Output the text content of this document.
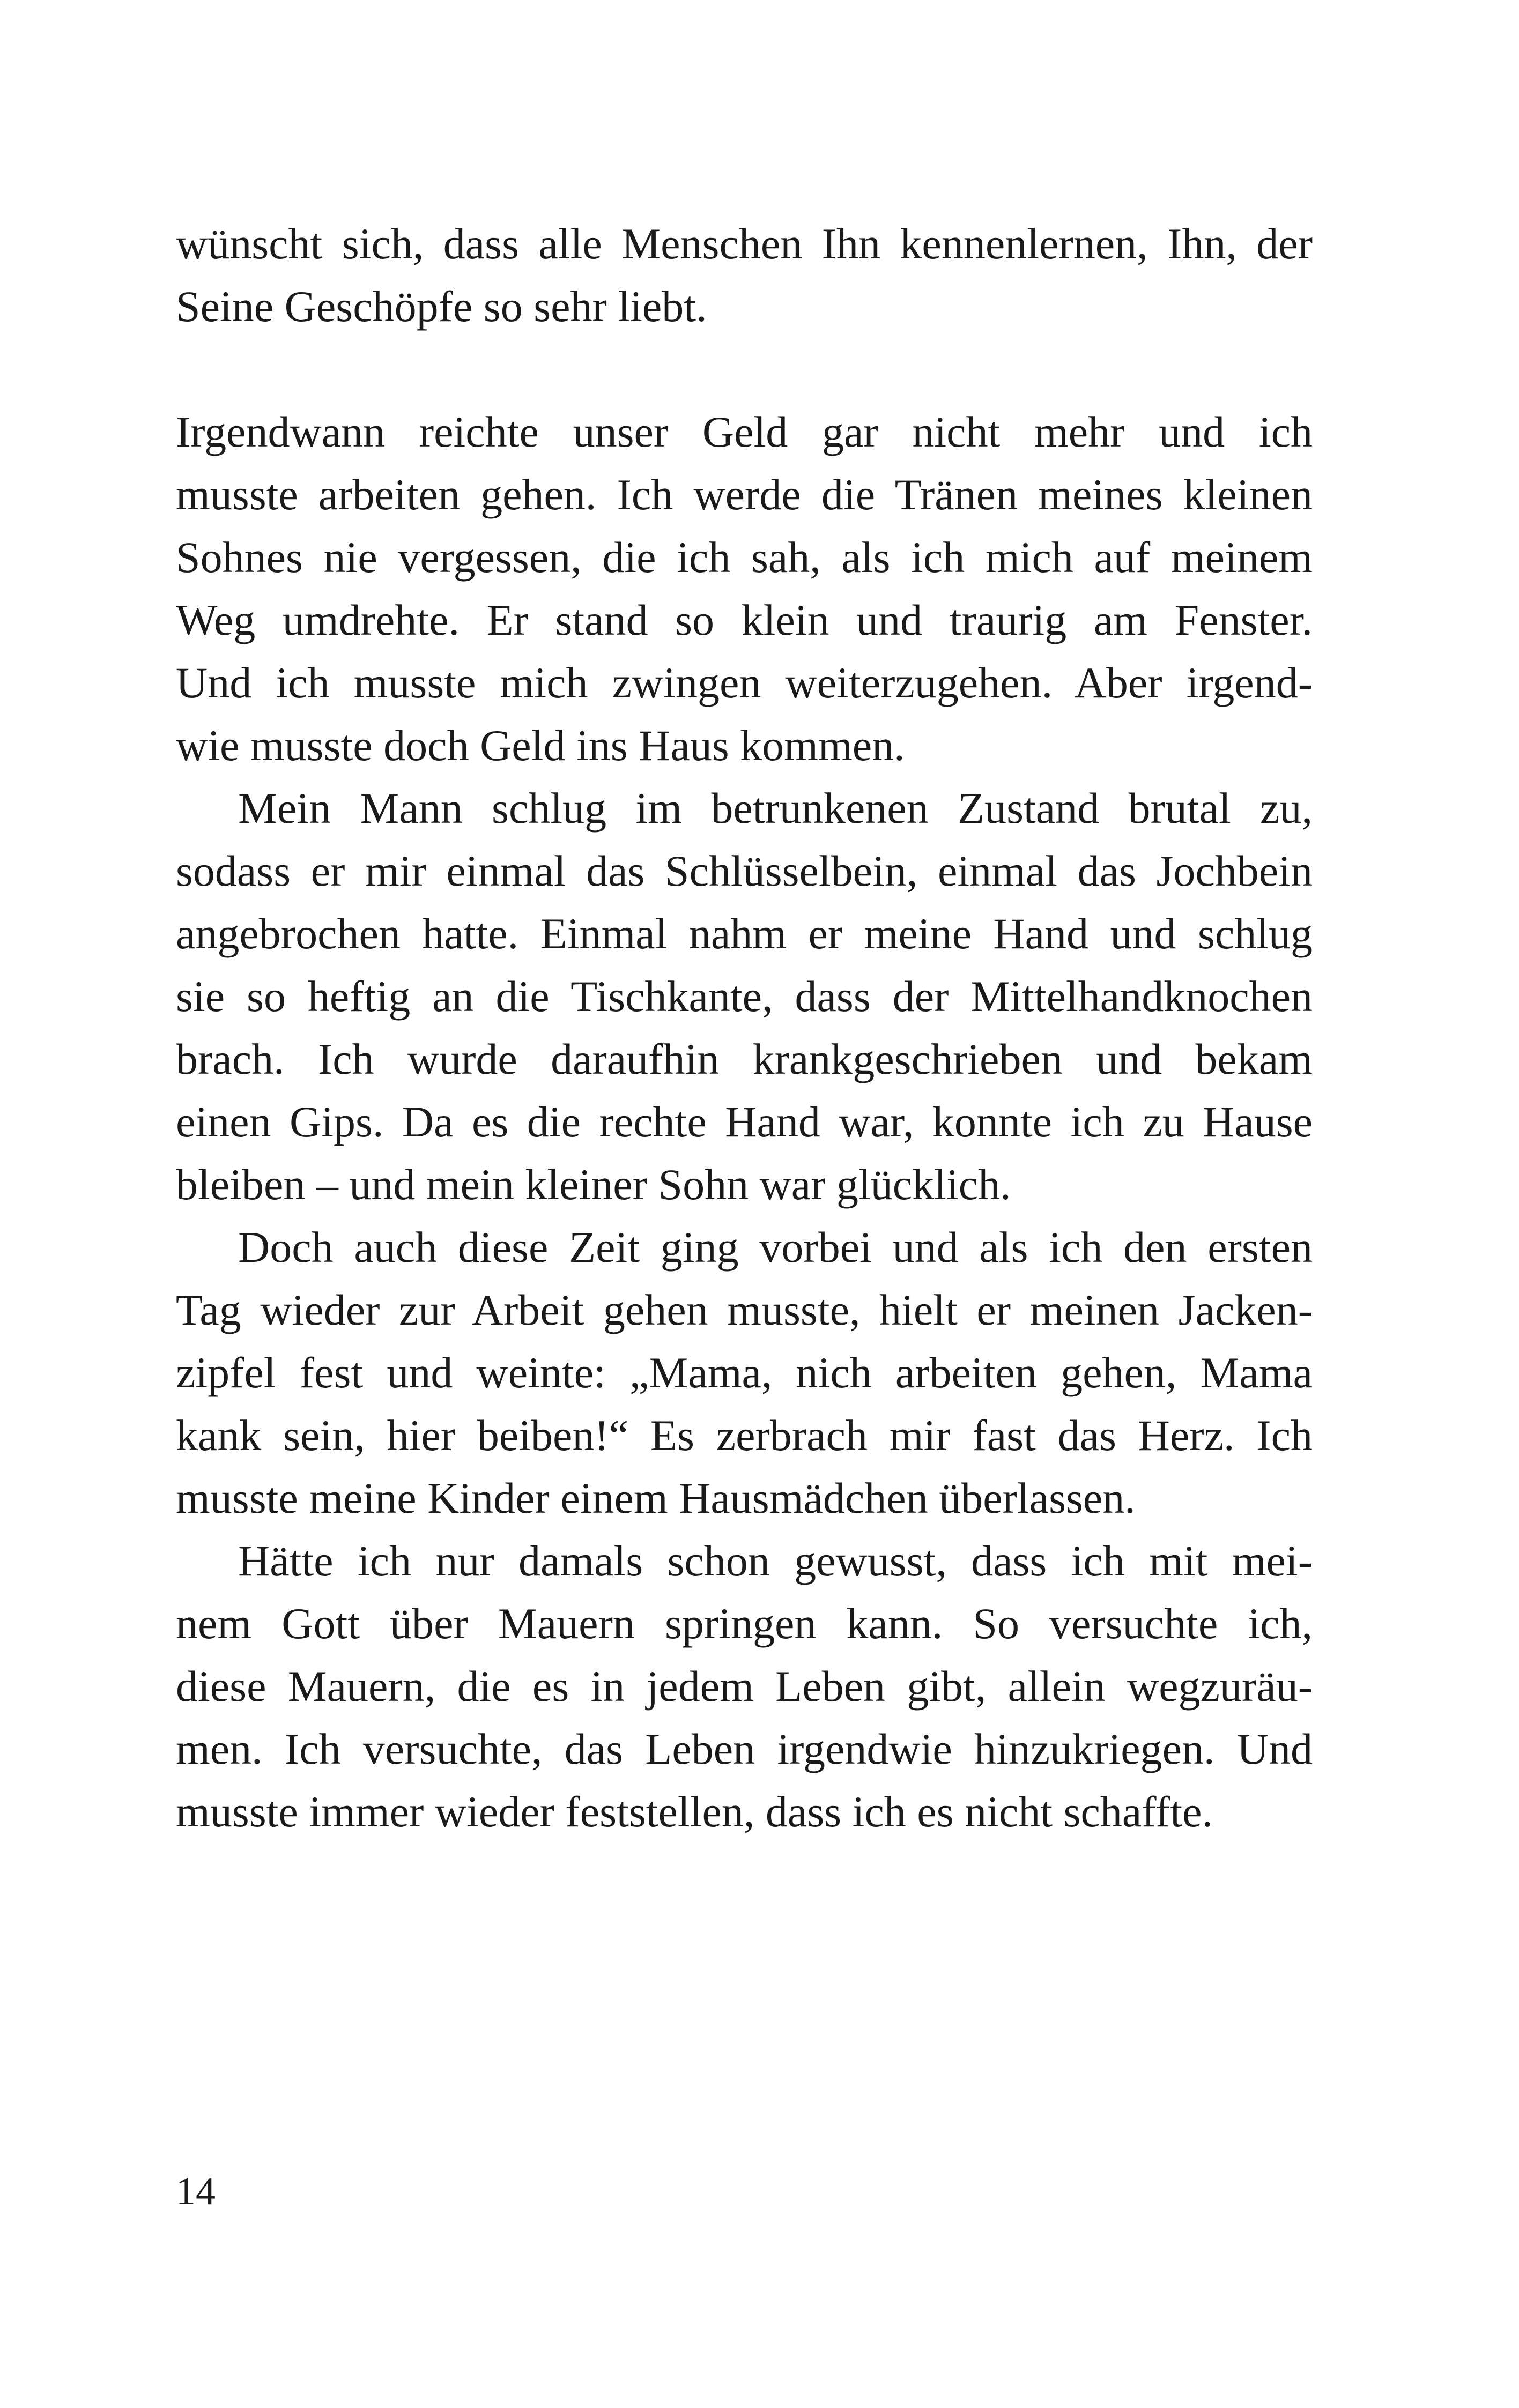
wünscht sich, dass alle Menschen Ihn kennenlernen, Ihn, der
Seine Geschöpfe so sehr liebt.
Irgendwann reichte unser Geld gar nicht mehr und ich
musste arbeiten gehen. Ich werde die Tränen meines kleinen
Sohnes nie vergessen, die ich sah, als ich mich auf meinem
Weg umdrehte. Er stand so klein und traurig am Fenster.
Und ich musste mich zwingen weiterzugehen. Aber irgend-
wie musste doch Geld ins Haus kommen.
Mein Mann schlug im betrunkenen Zustand brutal zu,
sodass er mir einmal das Schlüsselbein, einmal das Jochbein
angebrochen hatte. Einmal nahm er meine Hand und schlug
sie so heftig an die Tischkante, dass der Mittelhandknochen
brach. Ich wurde daraufhin krankgeschrieben und bekam
einen Gips. Da es die rechte Hand war, konnte ich zu Hause
bleiben – und mein kleiner Sohn war glücklich.
Doch auch diese Zeit ging vorbei und als ich den ersten
Tag wieder zur Arbeit gehen musste, hielt er meinen Jacken-
zipfel fest und weinte: „Mama, nich arbeiten gehen, Mama
kank sein, hier beiben!“ Es zerbrach mir fast das Herz. Ich
musste meine Kinder einem Hausmädchen überlassen.
Hätte ich nur damals schon gewusst, dass ich mit mei-
nem Gott über Mauern springen kann. So versuchte ich,
diese Mauern, die es in jedem Leben gibt, allein wegzuräu-
men. Ich versuchte, das Leben irgendwie hinzukriegen. Und
musste immer wieder feststellen, dass ich es nicht schaffte.
14
